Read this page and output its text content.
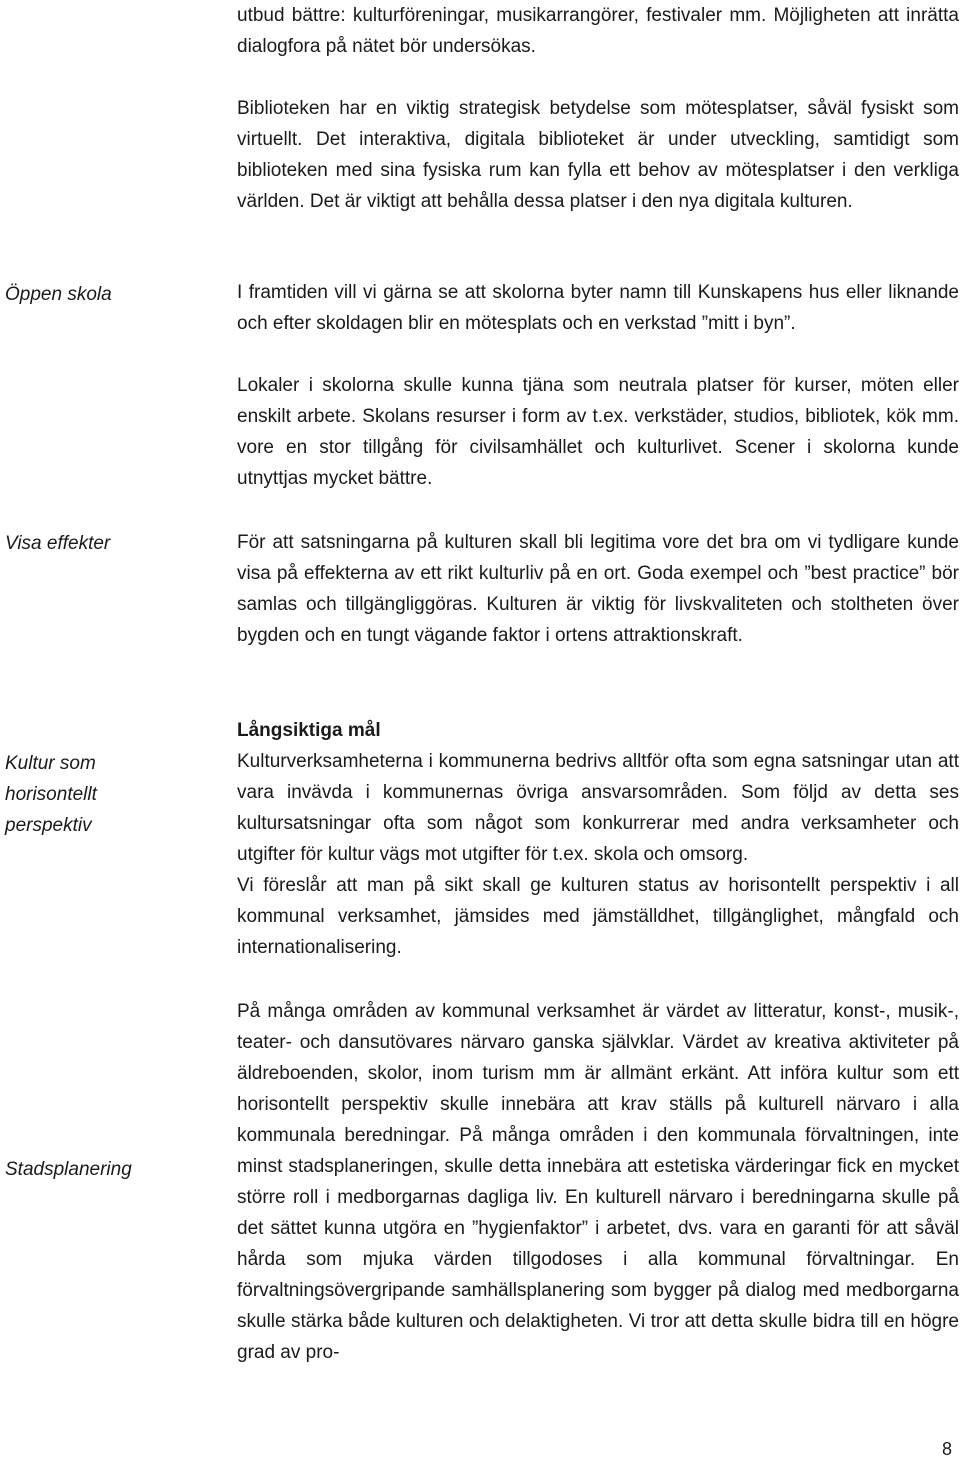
utbud bättre: kulturföreningar, musikarrangörer, festivaler mm. Möjligheten att inrätta dialogfora på nätet bör undersökas.

Biblioteken har en viktig strategisk betydelse som mötesplatser, såväl fysiskt som virtuellt. Det interaktiva, digitala biblioteket är under utveckling, samtidigt som biblioteken med sina fysiska rum kan fylla ett behov av mötesplatser i den verkliga världen. Det är viktigt att behålla dessa platser i den nya digitala kulturen.

Öppen skola	I framtiden vill vi gärna se att skolorna byter namn till Kunskapens hus eller liknande och efter skoldagen blir en mötesplats och en verkstad ”mitt i byn”.

Lokaler i skolorna skulle kunna tjäna som neutrala platser för kurser, möten eller enskilt arbete. Skolans resurser i form av t.ex. verkstäder, studios, bibliotek, kök mm. vore en stor tillgång för civilsamhället och kulturlivet. Scener i skolorna kunde utnyttjas mycket bättre.

Visa effekter	För att satsningarna på kulturen skall bli legitima vore det bra om vi tydligare kunde visa på effekterna av ett rikt kulturliv på en ort. Goda exempel och ”best practice” bör samlas och tillgängliggöras. Kulturen är viktig för livskvaliteten och stoltheten över bygden och en tungt vägande faktor i ortens attraktionskraft.

Kultur som horisontellt perspektiv
Långsiktiga mål

Kulturverksamheterna i kommunerna bedrivs alltför ofta som egna satsningar utan att vara invävda i kommunernas övriga ansvarsområden. Som följd av detta ses kultursatsningar ofta som något som konkurrerar med andra verksamheter och utgifter för kultur vägs mot utgifter för t.ex. skola och omsorg.

Vi föreslår att man på sikt skall ge kulturen status av horisontellt perspektiv i all kommunal verksamhet, jämsides med jämställdhet, tillgänglighet, mångfald och internationalisering.

Stadsplanering

På många områden av kommunal verksamhet är värdet av litteratur, konst-, musik-, teater- och dansutövares närvaro ganska självklar. Värdet av kreativa aktiviteter på äldreboenden, skolor, inom turism mm är allmänt erkänt. Att införa kultur som ett horisontellt perspektiv skulle innebära att krav ställs på kulturell närvaro i alla kommunala beredningar. På många områden i den kommunala förvaltningen, inte minst stadsplaneringen, skulle detta innebära att estetiska värderingar fick en mycket större roll i medborgarnas dagliga liv. En kulturell närvaro i beredningarna skulle på det sättet kunna utgöra en ”hygienfaktor” i arbetet, dvs. vara en garanti för att såväl hårda som mjuka värden tillgodoses i alla kommunal förvaltningar. En förvaltningsövergripande samhällsplanering som bygger på dialog med medborgarna skulle stärka både kulturen och delaktigheten. Vi tror att detta skulle bidra till en högre grad av pro-

8
